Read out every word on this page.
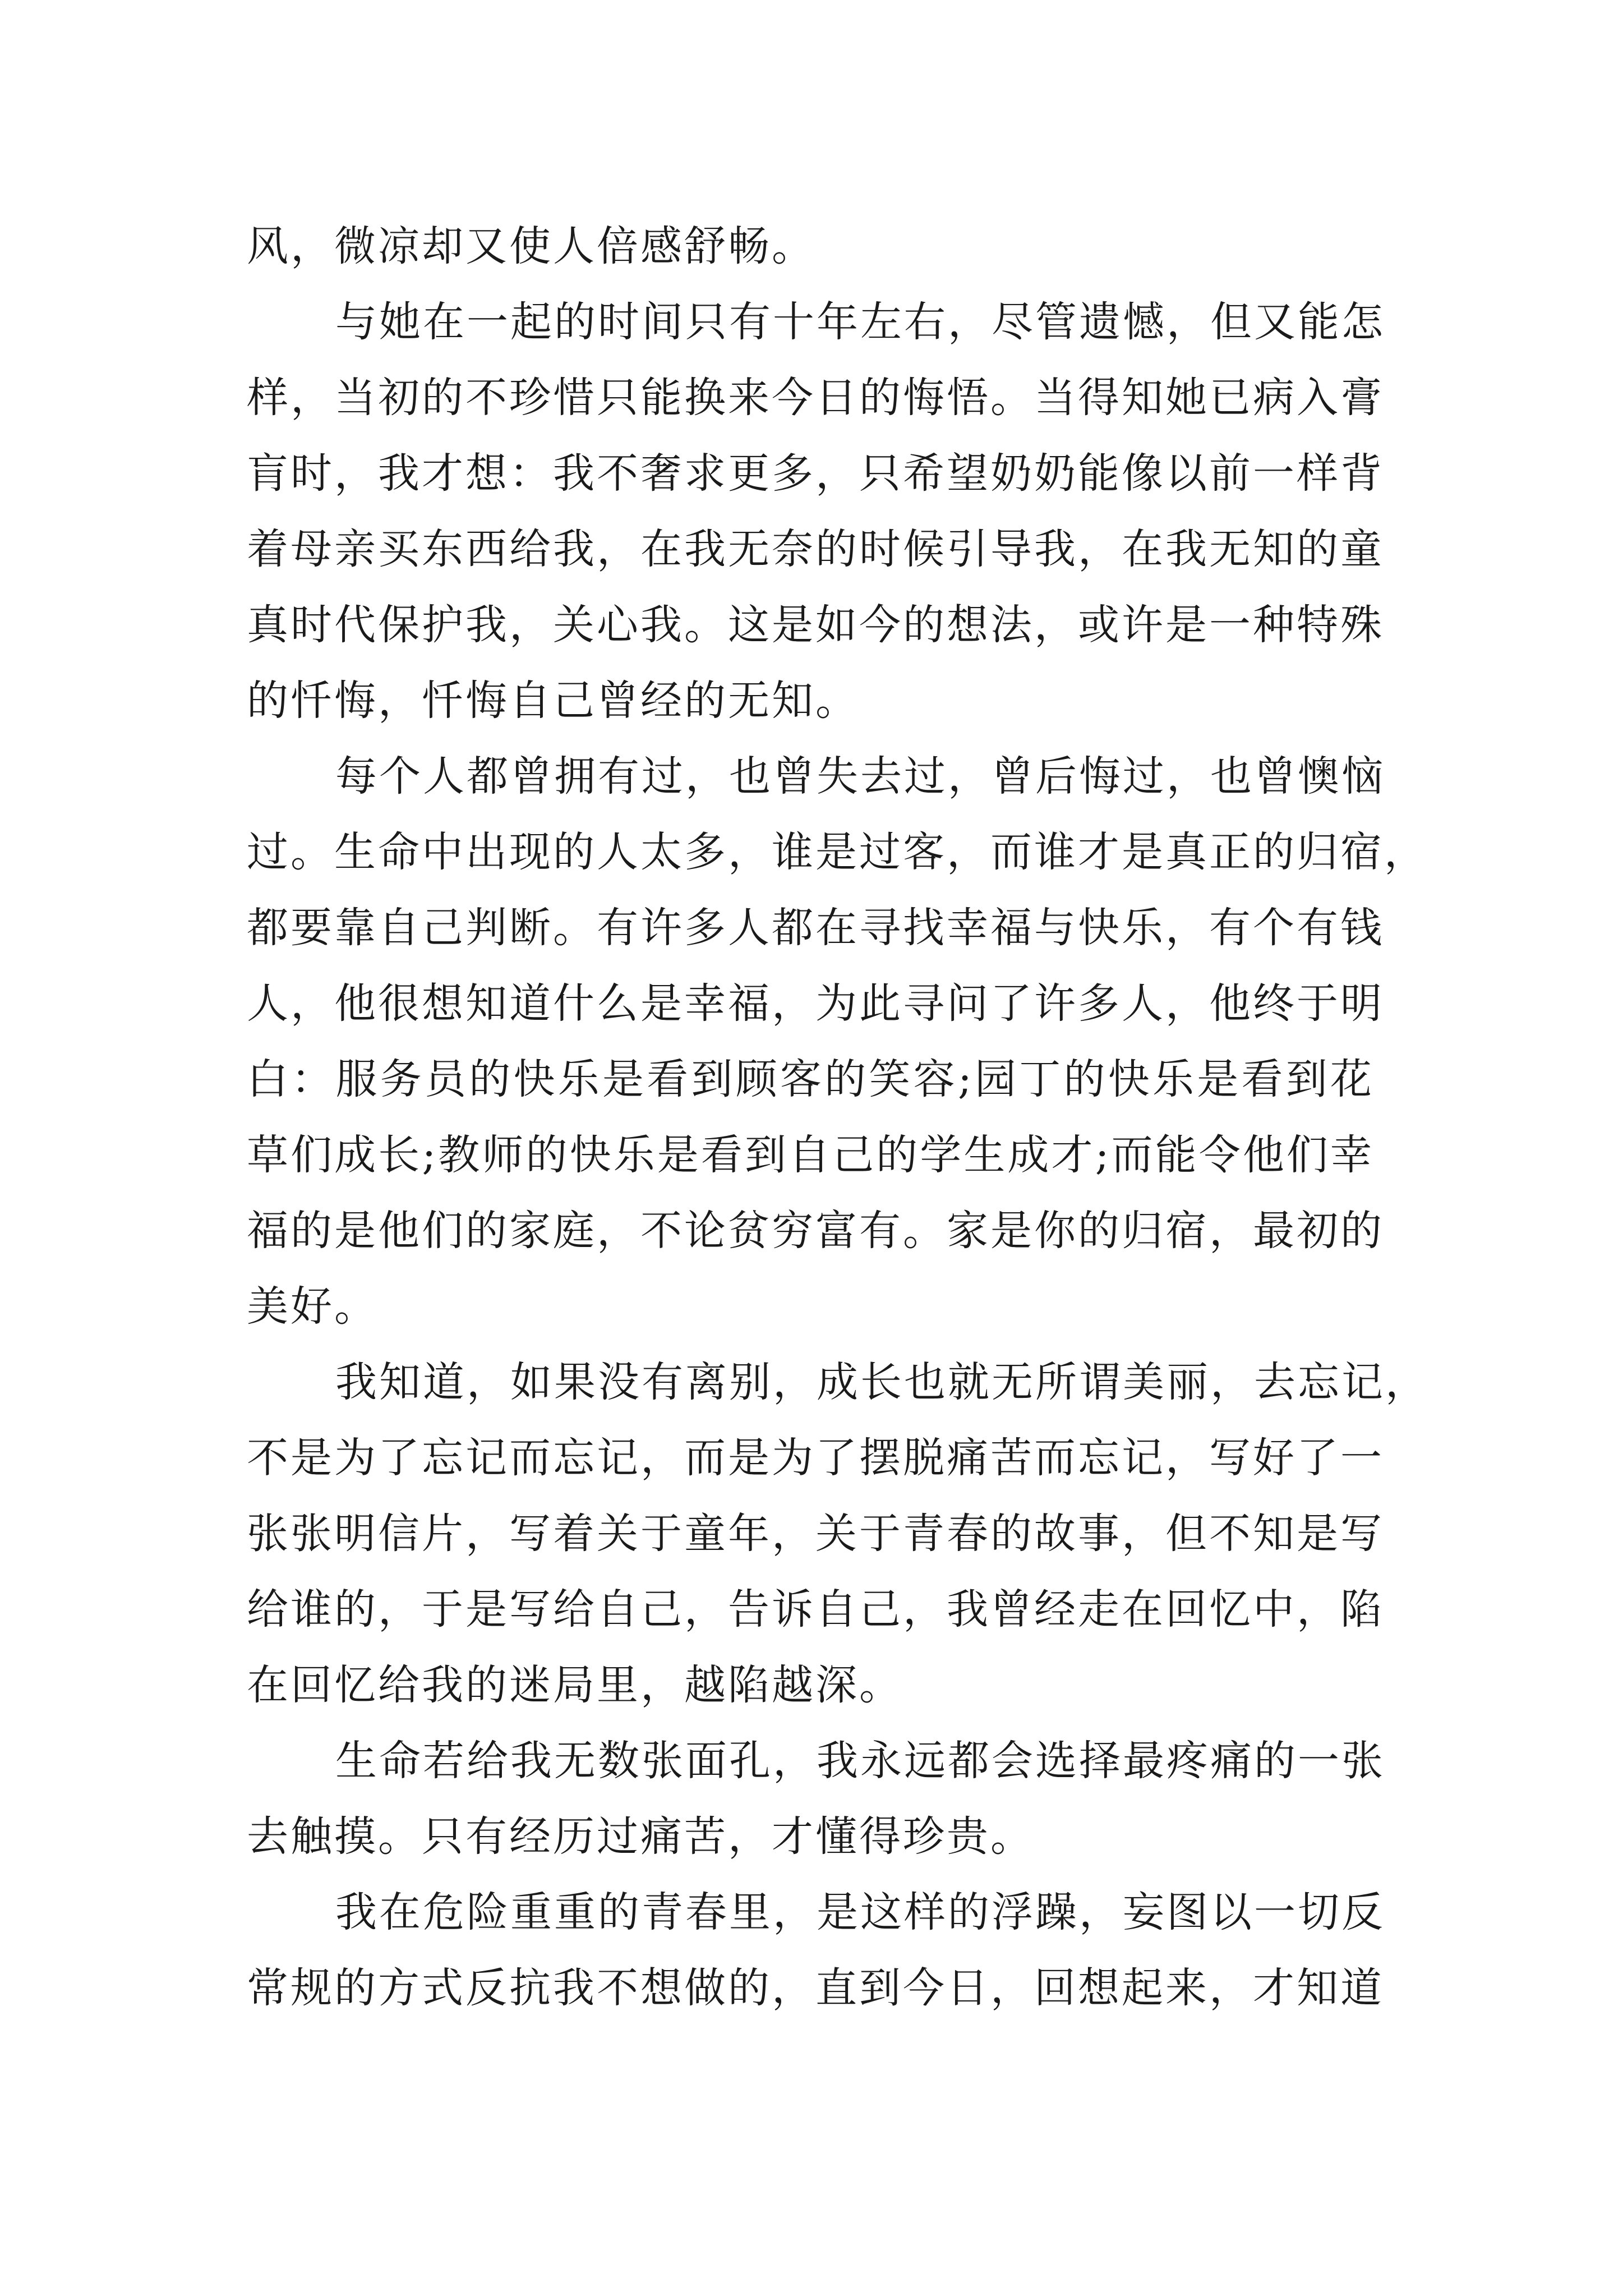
风，微凉却又使人倍感舒畅。
与她在一起的时间只有十年左右，尽管遗憾，但又能怎
样，当初的不珍惜只能换来今日的悔悟。当得知她已病入膏
肓时，我才想：我不奢求更多，只希望奶奶能像以前一样背
着母亲买东西给我，在我无奈的时候引导我，在我无知的童
真时代保护我，关心我。这是如今的想法，或许是一种特殊
的忏悔，忏悔自己曾经的无知。
每个人都曾拥有过，也曾失去过，曾后悔过，也曾懊恼
过。生命中出现的人太多，谁是过客，而谁才是真正的归宿，
都要靠自己判断。有许多人都在寻找幸福与快乐，有个有钱
人，他很想知道什么是幸福，为此寻问了许多人，他终于明
白：服务员的快乐是看到顾客的笑容;园丁的快乐是看到花
草们成长;教师的快乐是看到自己的学生成才;而能令他们幸
福的是他们的家庭，不论贫穷富有。家是你的归宿，最初的
美好。
我知道，如果没有离别，成长也就无所谓美丽，去忘记，
不是为了忘记而忘记，而是为了摆脱痛苦而忘记，写好了一
张张明信片，写着关于童年，关于青春的故事，但不知是写
给谁的，于是写给自己，告诉自己，我曾经走在回忆中，陷
在回忆给我的迷局里，越陷越深。
生命若给我无数张面孔，我永远都会选择最疼痛的一张
去触摸。只有经历过痛苦，才懂得珍贵。
我在危险重重的青春里，是这样的浮躁，妄图以一切反
常规的方式反抗我不想做的，直到今日，回想起来，才知道
